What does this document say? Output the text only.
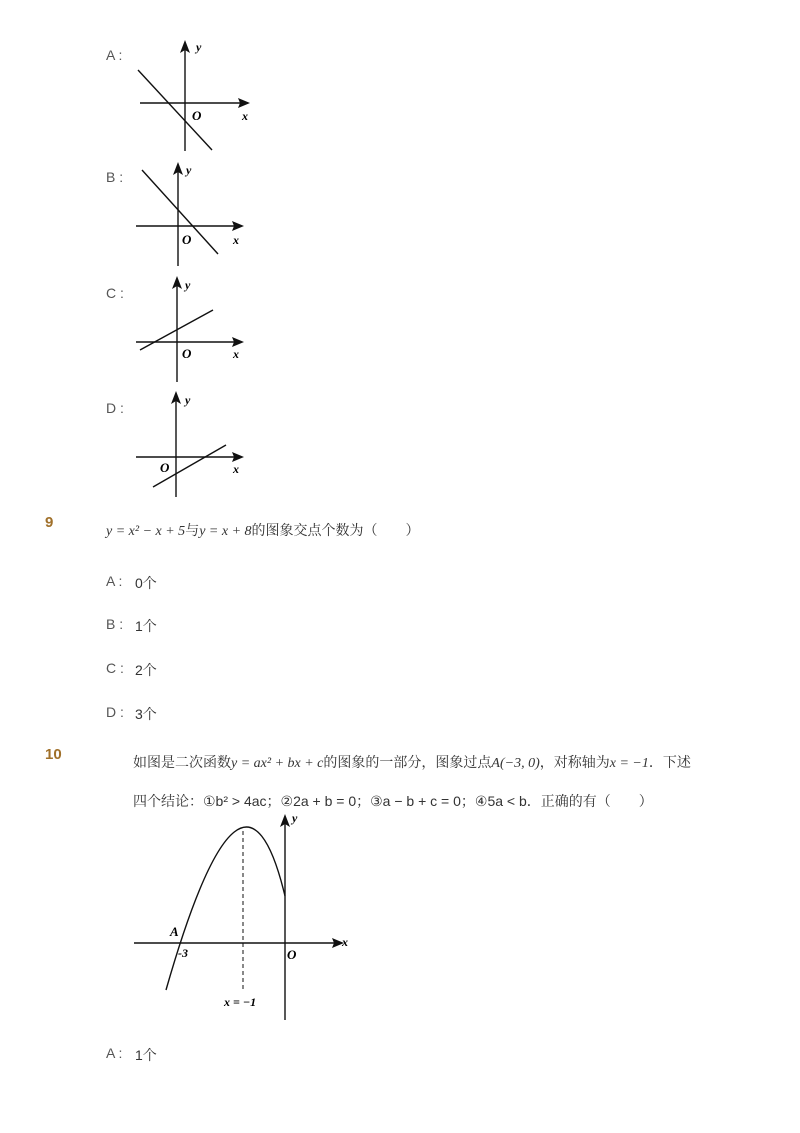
A :
O	x
y
B :
O	x
y
C :
O	x
y
D :
O	x
y
9
y = x² − x + 5与y = x + 8的图象交点个数为（　　）
A : 0个
B : 1个
C : 2个
D : 3个
10	如图是二次函数y = ax² + bx + c的图象的一部分，图象过点A(−3, 0)，对称轴为x = −1．下述
四个结论：①b² > 4ac；②2a + b = 0；③a − b + c = 0；④5a < b．正确的有（　　）
A
-3	O
x
y
x = −1
A : 1个
